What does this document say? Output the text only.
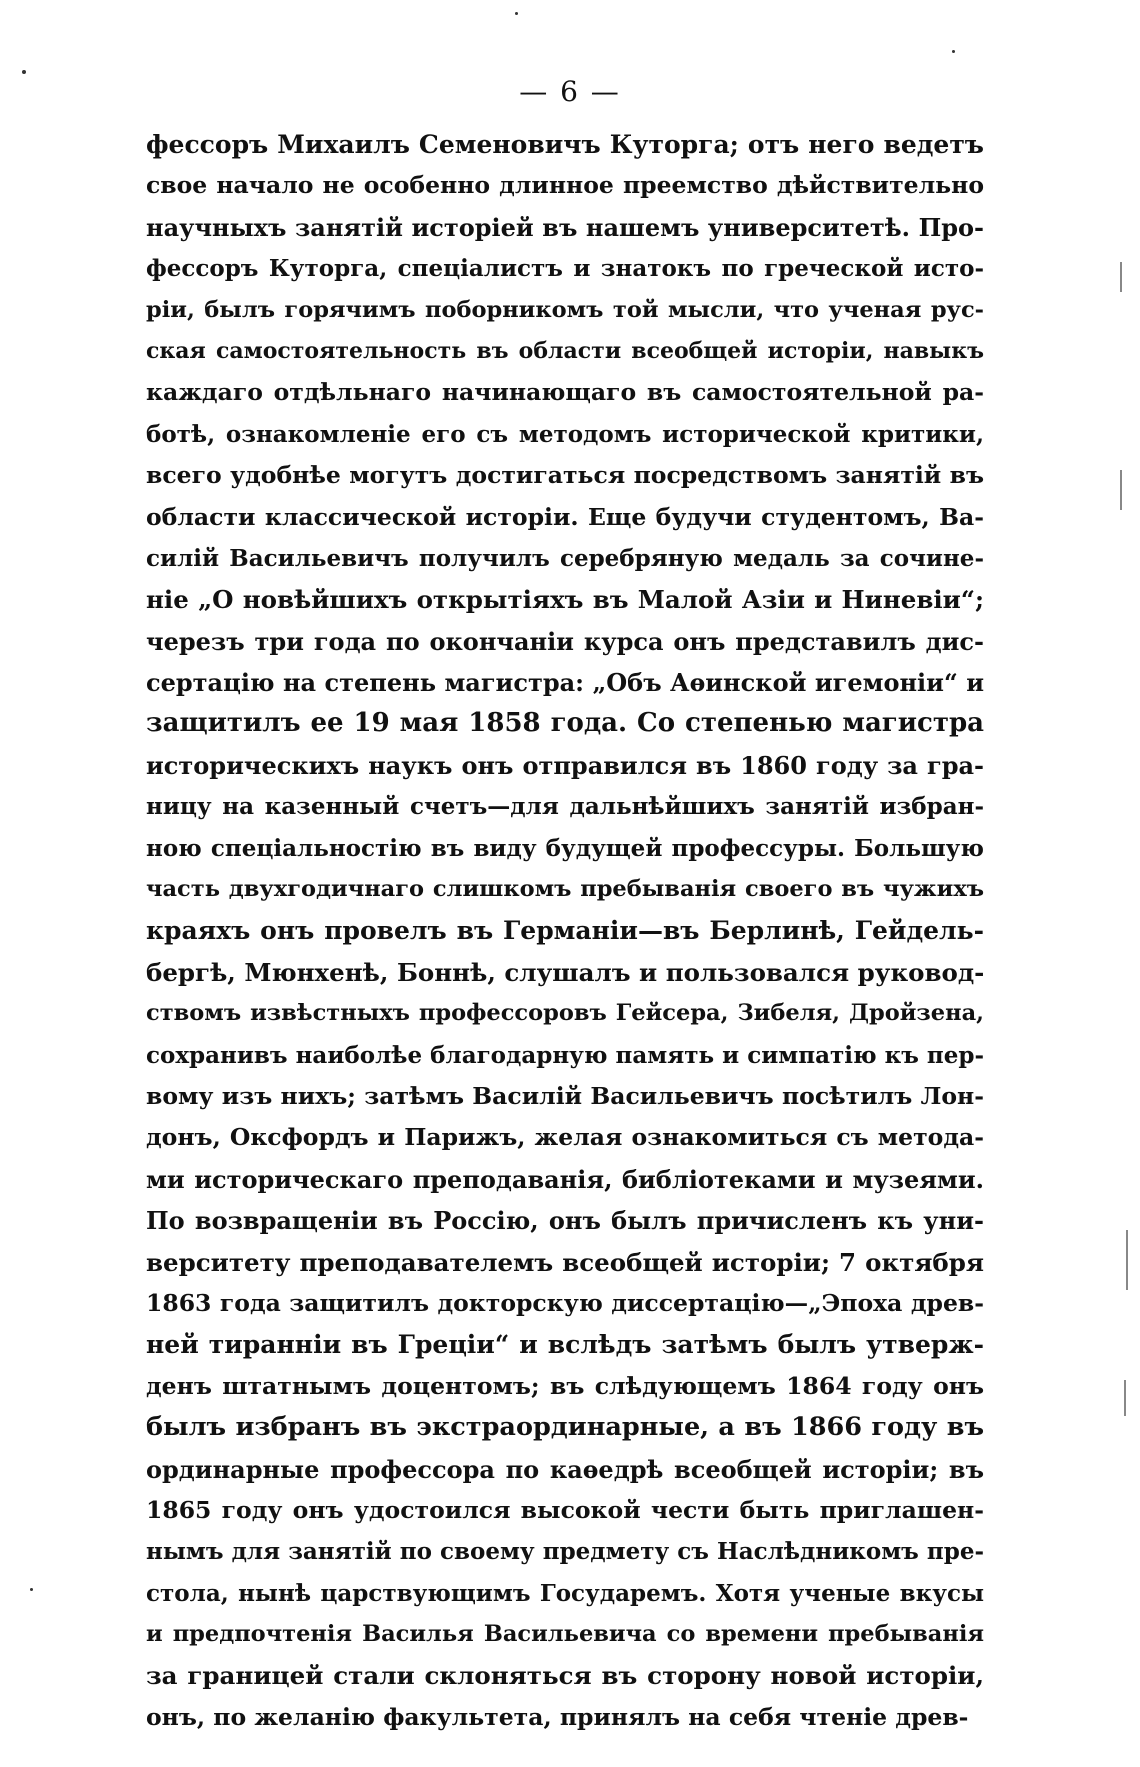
— 6 —
фессоръ Михаилъ Семеновичъ Куторга; отъ него ведетъ
свое начало не особенно длинное преемство дѣйствительно
научныхъ занятій исторіей въ нашемъ университетѣ. Про-
фессоръ Куторга, спеціалистъ и знатокъ по греческой исто-
ріи, былъ горячимъ поборникомъ той мысли, что ученая рус-
ская самостоятельность въ области всеобщей исторіи, навыкъ
каждаго отдѣльнаго начинающаго въ самостоятельной ра-
ботѣ, ознакомленіе его съ методомъ исторической критики,
всего удобнѣе могутъ достигаться посредствомъ занятій въ
области классической исторіи. Еще будучи студентомъ, Ва-
силій Васильевичъ получилъ серебряную медаль за сочине-
ніе „О новѣйшихъ открытіяхъ въ Малой Азіи и Ниневіи“;
черезъ три года по окончаніи курса онъ представилъ дис-
сертацію на степень магистра: „Объ Аѳинской игемоніи“ и
защитилъ ее 19 мая 1858 года. Со степенью магистра
историческихъ наукъ онъ отправился въ 1860 году за гра-
ницу на казенный счетъ—для дальнѣйшихъ занятій избран-
ною спеціальностію въ виду будущей профессуры. Большую
часть двухгодичнаго слишкомъ пребыванія своего въ чужихъ
краяхъ онъ провелъ въ Германіи—въ Берлинѣ, Гейдель-
бергѣ, Мюнхенѣ, Боннѣ, слушалъ и пользовался руковод-
ствомъ извѣстныхъ профессоровъ Гейсера, Зибеля, Дройзена,
сохранивъ наиболѣе благодарную память и симпатію къ пер-
вому изъ нихъ; затѣмъ Василій Васильевичъ посѣтилъ Лон-
донъ, Оксфордъ и Парижъ, желая ознакомиться съ метода-
ми историческаго преподаванія, библіотеками и музеями.
По возвращеніи въ Россію, онъ былъ причисленъ къ уни-
верситету преподавателемъ всеобщей исторіи; 7 октября
1863 года защитилъ докторскую диссертацію—„Эпоха древ-
ней тиранніи въ Греціи“ и вслѣдъ затѣмъ былъ утверж-
денъ штатнымъ доцентомъ; въ слѣдующемъ 1864 году онъ
былъ избранъ въ экстраординарные, а въ 1866 году въ
ординарные профессора по каѳедрѣ всеобщей исторіи; въ
1865 году онъ удостоился высокой чести быть приглашен-
нымъ для занятій по своему предмету съ Наслѣдникомъ пре-
стола, нынѣ царствующимъ Государемъ. Хотя ученые вкусы
и предпочтенія Василья Васильевича со времени пребыванія
за границей стали склоняться въ сторону новой исторіи,
онъ, по желанію факультета, принялъ на себя чтеніе древ-
